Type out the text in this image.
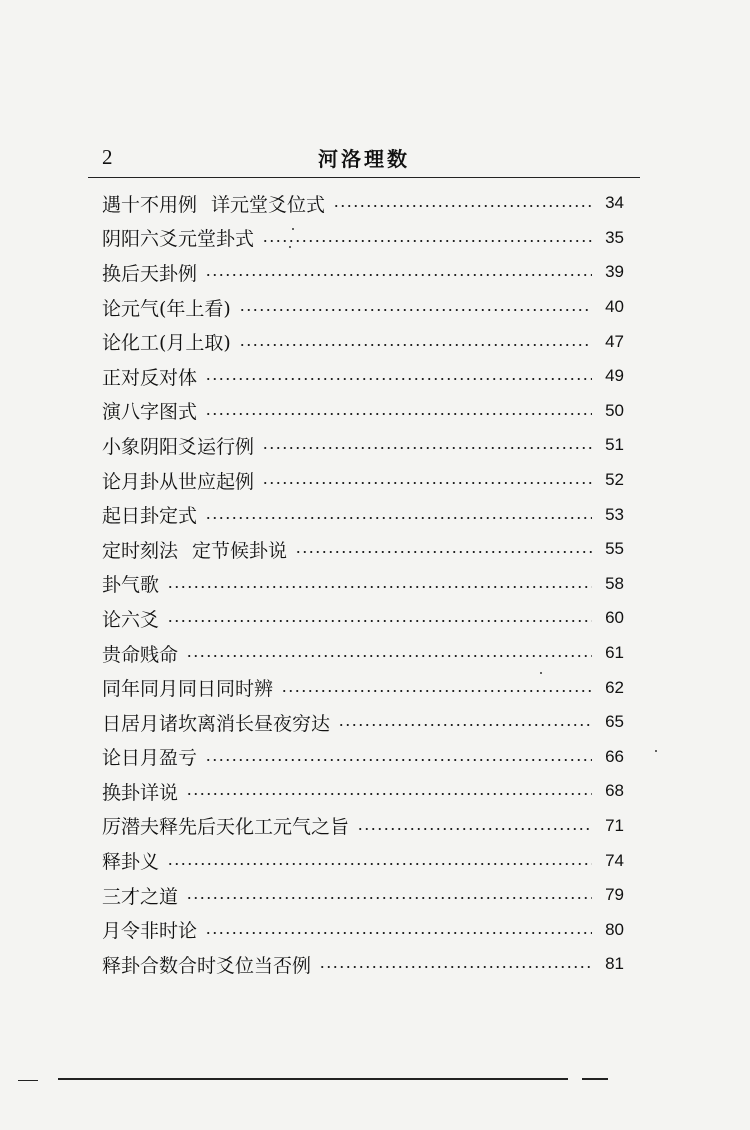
2	河洛理数
遇十不用例 详元堂爻位式	34
阴阳六爻元堂卦式	35
换后天卦例	39
论元气(年上看)	40
论化工(月上取)	47
正对反对体	49
演八字图式	50
小象阴阳爻运行例	51
论月卦从世应起例	52
起日卦定式	53
定时刻法 定节候卦说	55
卦气歌	58
论六爻	60
贵命贱命	61
同年同月同日同时辨	62
日居月诸坎离消长昼夜穷达	65
论日月盈亏	66
换卦详说	68
厉潜夫释先后天化工元气之旨	71
释卦义	74
三才之道	79
月令非时论	80
释卦合数合时爻位当否例	81
